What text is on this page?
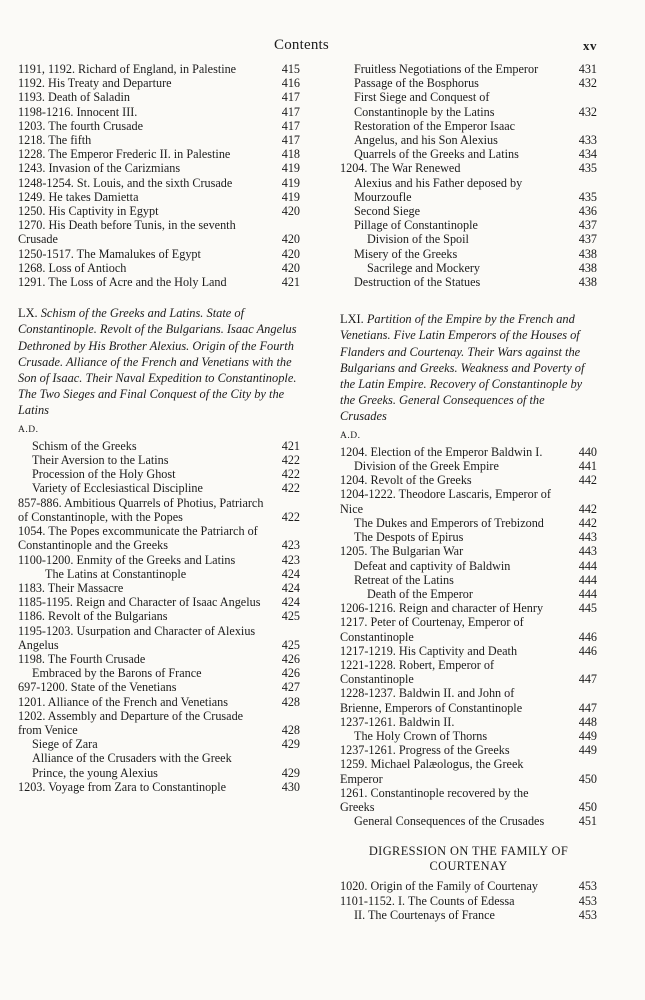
Contents	xv
1191, 1192. Richard of England, in Palestine	415
1192. His Treaty and Departure	416
1193. Death of Saladin	417
1198-1216. Innocent III.	417
1203. The fourth Crusade	417
1218. The fifth	417
1228. The Emperor Frederic II. in Palestine	418
1243. Invasion of the Carizmians	419
1248-1254. St. Louis, and the sixth Crusade	419
1249. He takes Damietta	419
1250. His Captivity in Egypt	420
1270. His Death before Tunis, in the seventh Crusade	420
1250-1517. The Mamalukes of Egypt	420
1268. Loss of Antioch	420
1291. The Loss of Acre and the Holy Land	421
LX. Schism of the Greeks and Latins. State of Constantinople. Revolt of the Bulgarians. Isaac Angelus Dethroned by His Brother Alexius. Origin of the Fourth Crusade. Alliance of the French and Venetians with the Son of Isaac. Their Naval Expedition to Constantinople. The Two Sieges and Final Conquest of the City by the Latins
A.D.
Schism of the Greeks	421
Their Aversion to the Latins	422
Procession of the Holy Ghost	422
Variety of Ecclesiastical Discipline	422
857-886. Ambitious Quarrels of Photius, Patriarch of Constantinople, with the Popes	422
1054. The Popes excommunicate the Patriarch of Constantinople and the Greeks	423
1100-1200. Enmity of the Greeks and Latins	423
The Latins at Constantinople	424
1183. Their Massacre	424
1185-1195. Reign and Character of Isaac Angelus	424
1186. Revolt of the Bulgarians	425
1195-1203. Usurpation and Character of Alexius Angelus	425
1198. The Fourth Crusade	426
Embraced by the Barons of France	426
697-1200. State of the Venetians	427
1201. Alliance of the French and Venetians	428
1202. Assembly and Departure of the Crusade from Venice	428
Siege of Zara	429
Alliance of the Crusaders with the Greek Prince, the young Alexius	429
1203. Voyage from Zara to Constantinople	430
Fruitless Negotiations of the Emperor	431
Passage of the Bosphorus	432
First Siege and Conquest of Constantinople by the Latins	432
Restoration of the Emperor Isaac Angelus, and his Son Alexius	433
Quarrels of the Greeks and Latins	434
1204. The War Renewed	435
Alexius and his Father deposed by Mourzoufle	435
Second Siege	436
Pillage of Constantinople	437
Division of the Spoil	437
Misery of the Greeks	438
Sacrilege and Mockery	438
Destruction of the Statues	438
LXI. Partition of the Empire by the French and Venetians. Five Latin Emperors of the Houses of Flanders and Courtenay. Their Wars against the Bulgarians and Greeks. Weakness and Poverty of the Latin Empire. Recovery of Constantinople by the Greeks. General Consequences of the Crusades
A.D.
1204. Election of the Emperor Baldwin I.	440
Division of the Greek Empire	441
1204. Revolt of the Greeks	442
1204-1222. Theodore Lascaris, Emperor of Nice	442
The Dukes and Emperors of Trebizond	442
The Despots of Epirus	443
1205. The Bulgarian War	443
Defeat and captivity of Baldwin	444
Retreat of the Latins	444
Death of the Emperor	444
1206-1216. Reign and character of Henry	445
1217. Peter of Courtenay, Emperor of Constantinople	446
1217-1219. His Captivity and Death	446
1221-1228. Robert, Emperor of Constantinople	447
1228-1237. Baldwin II. and John of Brienne, Emperors of Constantinople	447
1237-1261. Baldwin II.	448
The Holy Crown of Thorns	449
1237-1261. Progress of the Greeks	449
1259. Michael Palæologus, the Greek Emperor	450
1261. Constantinople recovered by the Greeks	450
General Consequences of the Crusades	451
DIGRESSION ON THE FAMILY OF COURTENAY
1020. Origin of the Family of Courtenay	453
1101-1152. I. The Counts of Edessa	453
II. The Courtenays of France	453
